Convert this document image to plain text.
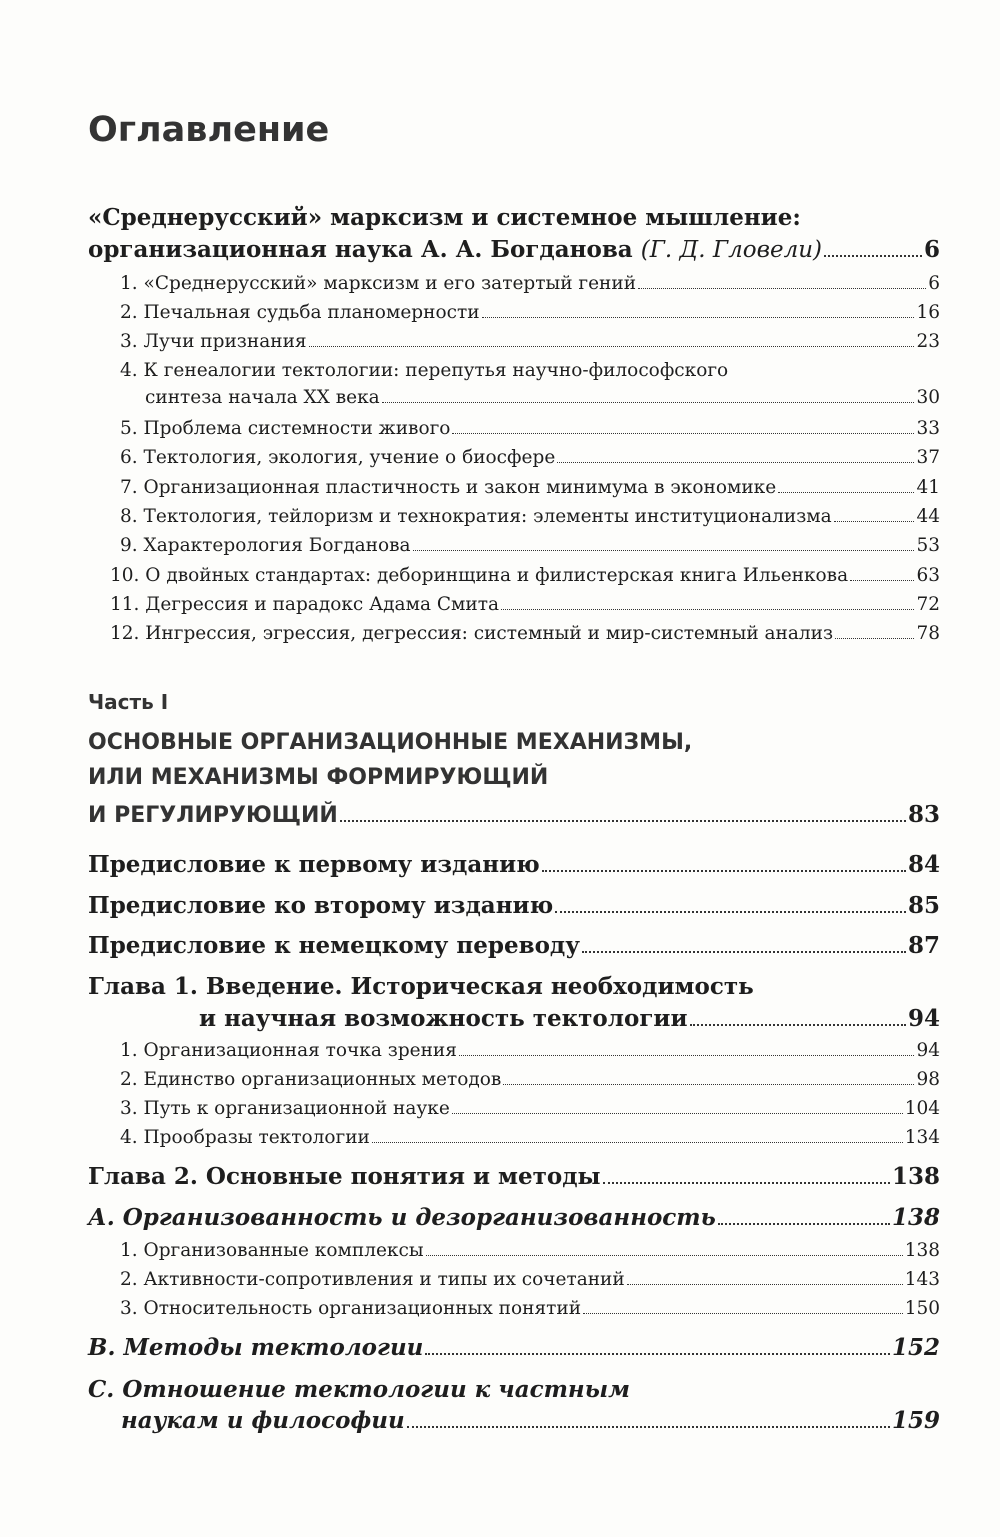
Оглавление
«Среднерусский» марксизм и системное мышление:
организационная наука А. А. Богданова (Г. Д. Гловели)	6
1. «Среднерусский» марксизм и его затертый гений	6
2. Печальная судьба планомерности	16
3. Лучи признания	23
4. К генеалогии тектологии: перепутья научно-философского
синтеза начала XX века	30
5. Проблема системности живого	33
6. Тектология, экология, учение о биосфере	37
7. Организационная пластичность и закон минимума в экономике	41
8. Тектология, тейлоризм и технократия: элементы институционализма	44
9. Характерология Богданова	53
10. О двойных стандартах: деборинщина и филистерская книга Ильенкова	63
11. Дегрессия и парадокс Адама Смита	72
12. Ингрессия, эгрессия, дегрессия: системный и мир-системный анализ	78
Часть I
ОСНОВНЫЕ ОРГАНИЗАЦИОННЫЕ МЕХАНИЗМЫ,
ИЛИ МЕХАНИЗМЫ ФОРМИРУЮЩИЙ
И РЕГУЛИРУЮЩИЙ	83
Предисловие к первому изданию	84
Предисловие ко второму изданию	85
Предисловие к немецкому переводу	87
Глава 1. Введение. Историческая необходимость
и научная возможность тектологии	94
1. Организационная точка зрения	94
2. Единство организационных методов	98
3. Путь к организационной науке	104
4. Прообразы тектологии	134
Глава 2. Основные понятия и методы	138
А. Организованность и дезорганизованность	138
1. Организованные комплексы	138
2. Активности-сопротивления и типы их сочетаний	143
3. Относительность организационных понятий	150
В. Методы тектологии	152
С. Отношение тектологии к частным
наукам и философии	159
